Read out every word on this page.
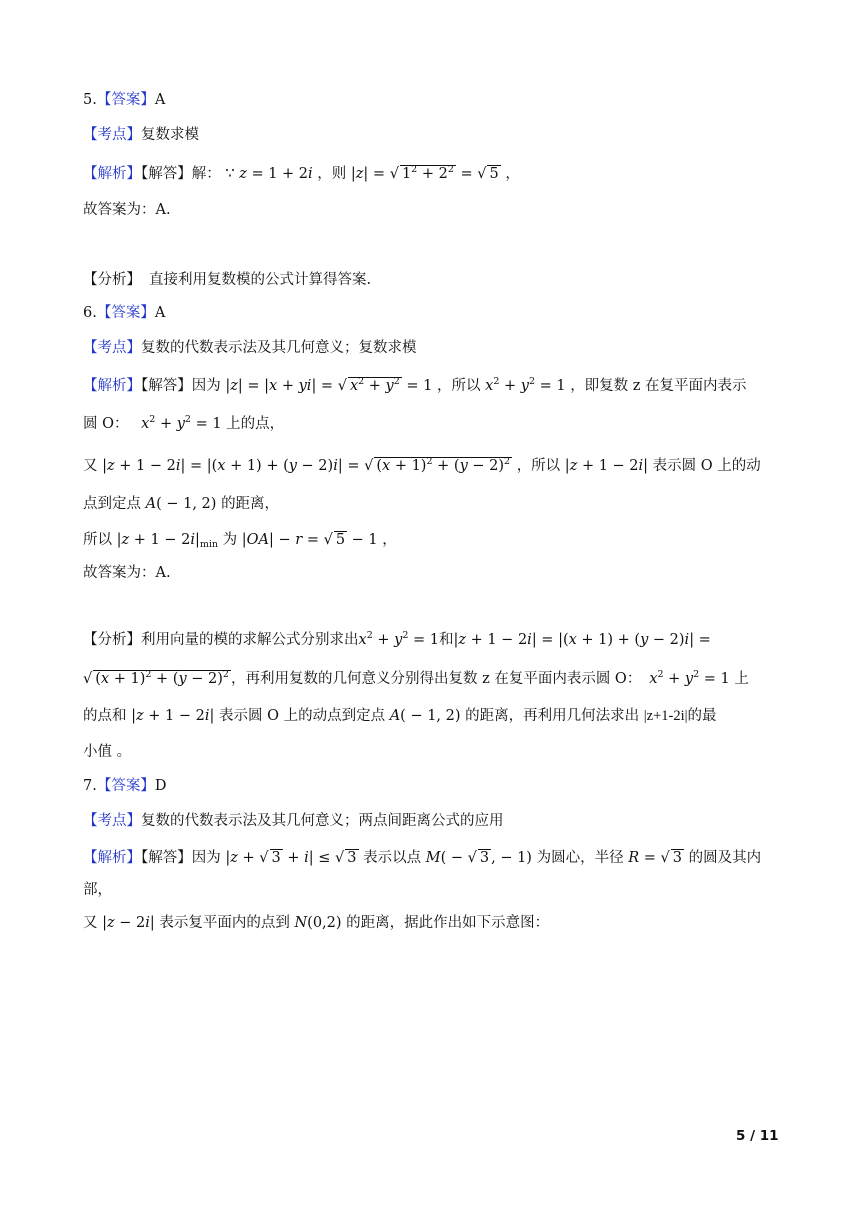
5.【答案】A
【考点】复数求模
【解析】【解答】解： ∵ z = 1 + 2i ，则 |z| = √ $1^2 + 2^2$ = √ 5 ，
故答案为：A.
【分析】 直接利用复数模的公式计算得答案.
6.【答案】A
【考点】复数的代数表示法及其几何意义；复数求模
【解析】【解答】因为 |z| = |x + yi| = √ $x^2 + y^2 = 1$ ，所以 $x^2 + y^2 = 1$ ，即复数 z 在复平面内表示
圆 O： $x^2 + y^2 = 1$ 上的点，
又 |z + 1 − 2i| = |(x + 1) + (y − 2)i| = √ $(x + 1)^2 + (y - 2)^2$ ，所以 |z + 1 − 2i| 表示圆 O 上的动
点到定点 A( − 1, 2) 的距离，
所以 $|z + 1 - 2i|_{min}$ 为 |OA| − r = √ 5 − 1 ，
故答案为：A.
【分析】利用向量的模的求解公式分别求出$x^2 + y^2 = 1$和|z + 1 − 2i| = |(x + 1) + (y − 2)i| =
√ $(x + 1)^2 + (y - 2)^2$ ，再利用复数的几何意义分别得出复数 z 在复平面内表示圆 O： $x^2 + y^2 = 1$ 上
的点和 |z + 1 − 2i| 表示圆 O 上的动点到定点 A( − 1, 2) 的距离，再利用几何法求出 |z+1-2i|的最
小值 。
7.【答案】D
【考点】复数的代数表示法及其几何意义；两点间距离公式的应用
【解析】【解答】因为 |z + √ 3 + i| ≤ √ 3 表示以点 M( − √ 3 , − 1) 为圆心，半径 R = √ 3 的圆及其内
部，
又 |z − 2i| 表示复平面内的点到 N(0,2) 的距离，据此作出如下示意图：
5 / 11
